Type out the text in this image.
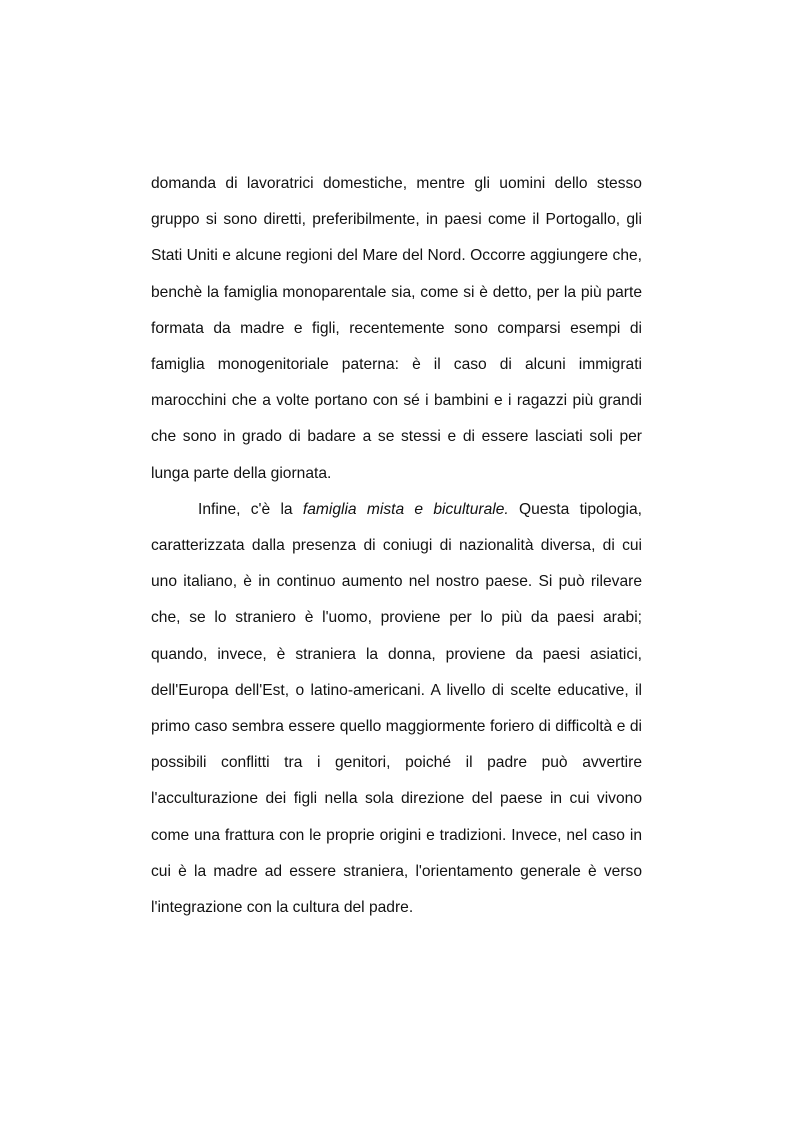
domanda di lavoratrici domestiche, mentre gli uomini dello stesso gruppo si sono diretti, preferibilmente, in paesi come il Portogallo, gli Stati Uniti e alcune regioni del Mare del Nord. Occorre aggiungere che, benchè la famiglia monoparentale sia, come si è detto, per la più parte formata da madre e figli, recentemente sono comparsi esempi di famiglia monogenitoriale paterna: è il caso di alcuni immigrati marocchini che a volte portano con sé i bambini e i ragazzi più grandi che sono in grado di badare a se stessi e di essere lasciati soli per lunga parte della giornata.

Infine, c'è la famiglia mista e biculturale. Questa tipologia, caratterizzata dalla presenza di coniugi di nazionalità diversa, di cui uno italiano, è in continuo aumento nel nostro paese. Si può rilevare che, se lo straniero è l'uomo, proviene per lo più da paesi arabi; quando, invece, è straniera la donna, proviene da paesi asiatici, dell'Europa dell'Est, o latino-americani. A livello di scelte educative, il primo caso sembra essere quello maggiormente foriero di difficoltà e di possibili conflitti tra i genitori, poiché il padre può avvertire l'acculturazione dei figli nella sola direzione del paese in cui vivono come una frattura con le proprie origini e tradizioni. Invece, nel caso in cui è la madre ad essere straniera, l'orientamento generale è verso l'integrazione con la cultura del padre.
